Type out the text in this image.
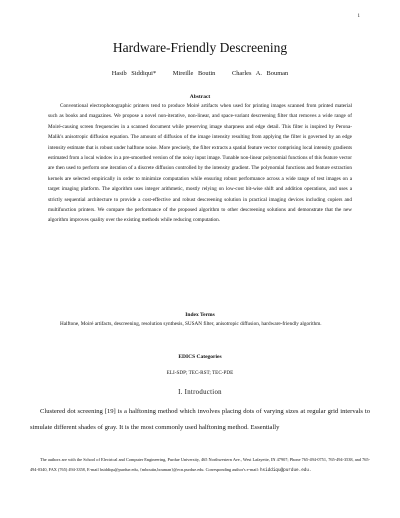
1
Hardware-Friendly Descreening
Hasib Siddiqui*	Mireille Boutin	Charles A. Bouman
Abstract

Conventional electrophotographic printers tend to produce Moiré artifacts when used for printing images scanned from printed material such as books and magazines. We propose a novel non-iterative, non-linear, and space-variant descreening filter that removes a wide range of Moiré-causing screen frequencies in a scanned document while preserving image sharpness and edge detail. This filter is inspired by Perona-Malik's anisotropic diffusion equation. The amount of diffusion of the image intensity resulting from applying the filter is governed by an edge intensity estimate that is robust under halftone noise. More precisely, the filter extracts a spatial feature vector comprising local intensity gradients estimated from a local window in a pre-smoothed version of the noisy input image. Tunable non-linear polynomial functions of this feature vector are then used to perform one iteration of a discrete diffusion controlled by the intensity gradient. The polynomial functions and feature extraction kernels are selected empirically in order to minimize computation while ensuring robust performance across a wide range of test images on a target imaging platform. The algorithm uses integer arithmetic, mostly relying on low-cost bit-wise shift and addition operations, and uses a strictly sequential architecture to provide a cost-effective and robust descreening solution in practical imaging devices including copiers and multifunction printers. We compare the performance of the proposed algorithm to other descreening solutions and demonstrate that the new algorithm improves quality over the existing methods while reducing computation.

Index Terms

Halftone, Moiré artifacts, descreening, resolution synthesis, SUSAN filter, anisotropic diffusion, hardware-friendly algorithm.

EDICS Categories
ELI-SDP; TEC-RST; TEC-PDE
I. Introduction

Clustered dot screening [19] is a halftoning method which involves placing dots of varying sizes at regular grid intervals to simulate different shades of gray. It is the most commonly used halftoning method. Essentially

The authors are with the School of Electrical and Computer Engineering, Purdue University, 465 Northwestern Ave., West Lafayette, IN 47907; Phone 765-494-0751, 765-494-3538, and 765-494-0340, FAX (765) 494-3358, E-mail hsiddiqu@purdue.edu, {mboutin,bouman}@ecn.purdue.edu. Corresponding author's e-mail: hsiddiqu@purdue.edu.
